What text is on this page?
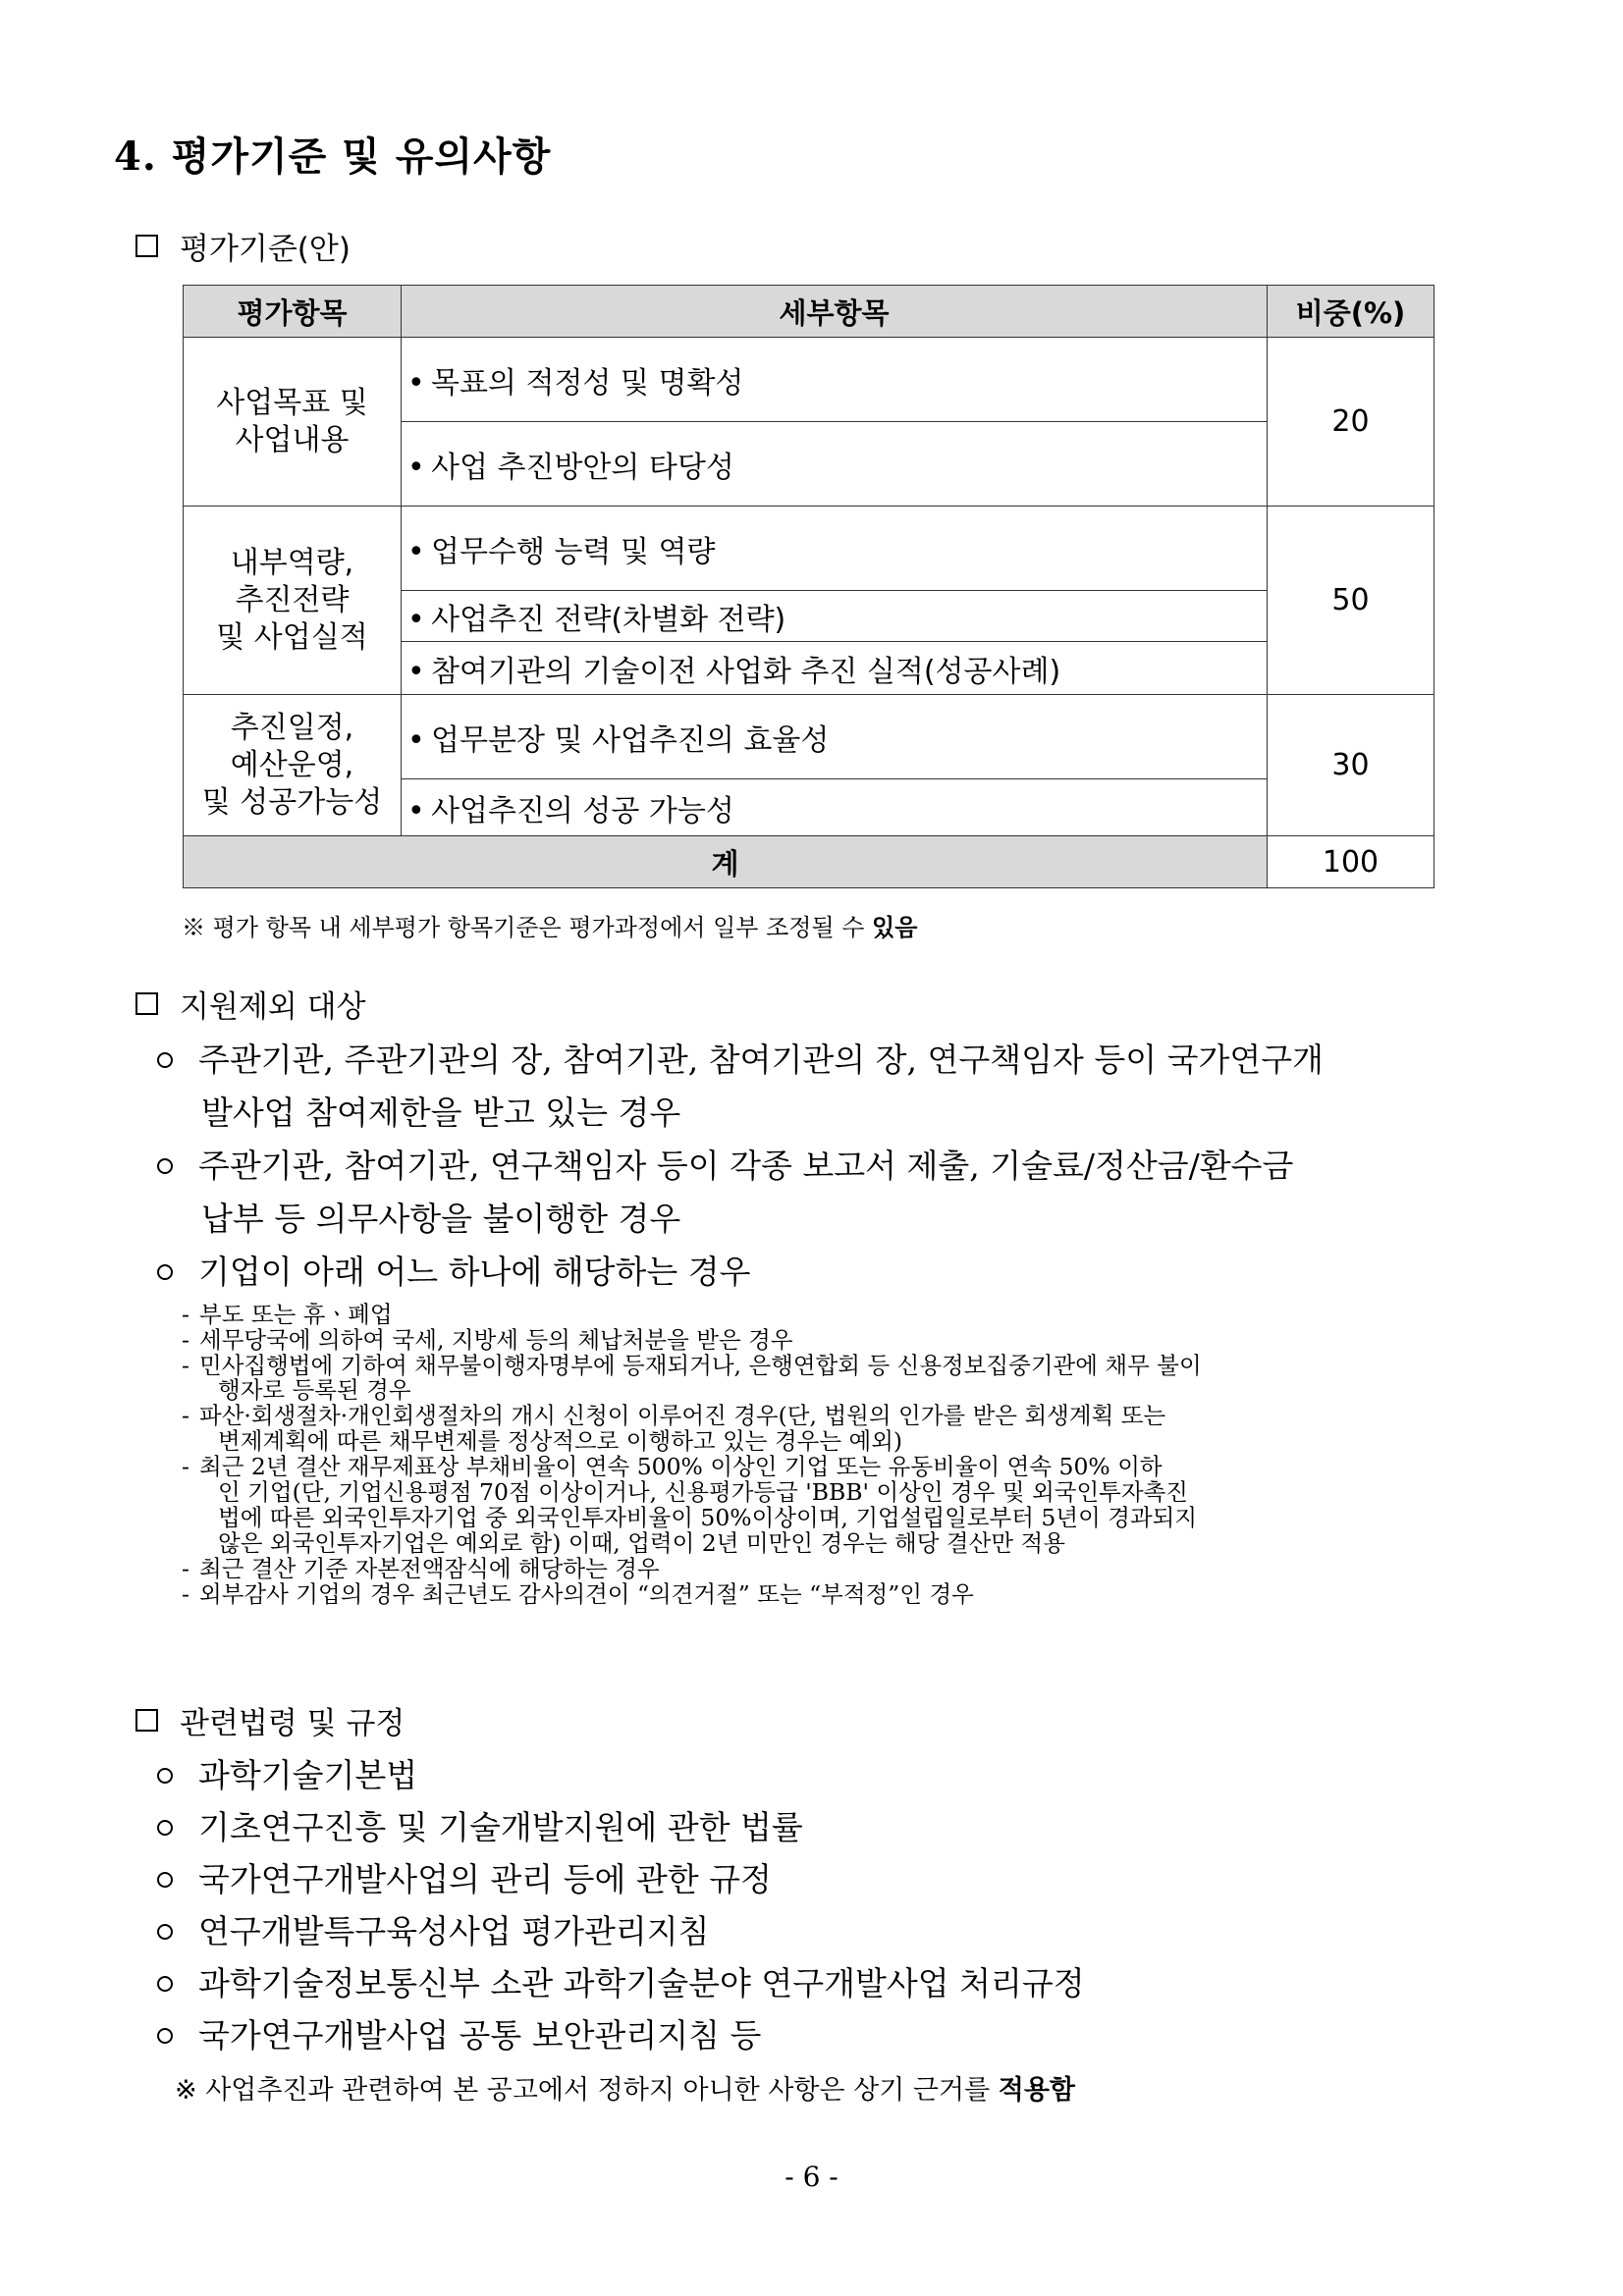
4. 평가기준 및 유의사항
평가기준(안)
평가항목	세부항목	비중(%)

사업목표 및
사업내용	• 목표의 적정성 및 명확성	20
	• 사업 추진방안의 타당성	

내부역량,
추진전략
및 사업실적	• 업무수행 능력 및 역량	50
	• 사업추진 전략(차별화 전략)	
	• 참여기관의 기술이전 사업화 추진 실적(성공사례)	

추진일정,
예산운영,
및 성공가능성	• 업무분장 및 사업추진의 효율성	30
	• 사업추진의 성공 가능성	
계		100
※ 평가 항목 내 세부평가 항목기준은 평가과정에서 일부 조정될 수 있음
지원제외 대상
주관기관, 주관기관의 장, 참여기관, 참여기관의 장, 연구책임자 등이 국가연구개
발사업 참여제한을 받고 있는 경우
주관기관, 참여기관, 연구책임자 등이 각종 보고서 제출, 기술료/정산금/환수금
납부 등 의무사항을 불이행한 경우
기업이 아래 어느 하나에 해당하는 경우
- 부도 또는 휴ㆍ폐업
- 세무당국에 의하여 국세, 지방세 등의 체납처분을 받은 경우
- 민사집행법에 기하여 채무불이행자명부에 등재되거나, 은행연합회 등 신용정보집중기관에 채무 불이
행자로 등록된 경우
- 파산·회생절차·개인회생절차의 개시 신청이 이루어진 경우(단, 법원의 인가를 받은 회생계획 또는
변제계획에 따른 채무변제를 정상적으로 이행하고 있는 경우는 예외)
- 최근 2년 결산 재무제표상 부채비율이 연속 500% 이상인 기업 또는 유동비율이 연속 50% 이하
인 기업(단, 기업신용평점 70점 이상이거나, 신용평가등급 'BBB' 이상인 경우 및 외국인투자촉진
법에 따른 외국인투자기업 중 외국인투자비율이 50%이상이며, 기업설립일로부터 5년이 경과되지
않은 외국인투자기업은 예외로 함) 이때, 업력이 2년 미만인 경우는 해당 결산만 적용
- 최근 결산 기준 자본전액잠식에 해당하는 경우
- 외부감사 기업의 경우 최근년도 감사의견이 “의견거절” 또는 “부적정”인 경우
관련법령 및 규정
과학기술기본법
기초연구진흥 및 기술개발지원에 관한 법률
국가연구개발사업의 관리 등에 관한 규정
연구개발특구육성사업 평가관리지침
과학기술정보통신부 소관 과학기술분야 연구개발사업 처리규정
국가연구개발사업 공통 보안관리지침 등
※ 사업추진과 관련하여 본 공고에서 정하지 아니한 사항은 상기 근거를 적용함
- 6 -
